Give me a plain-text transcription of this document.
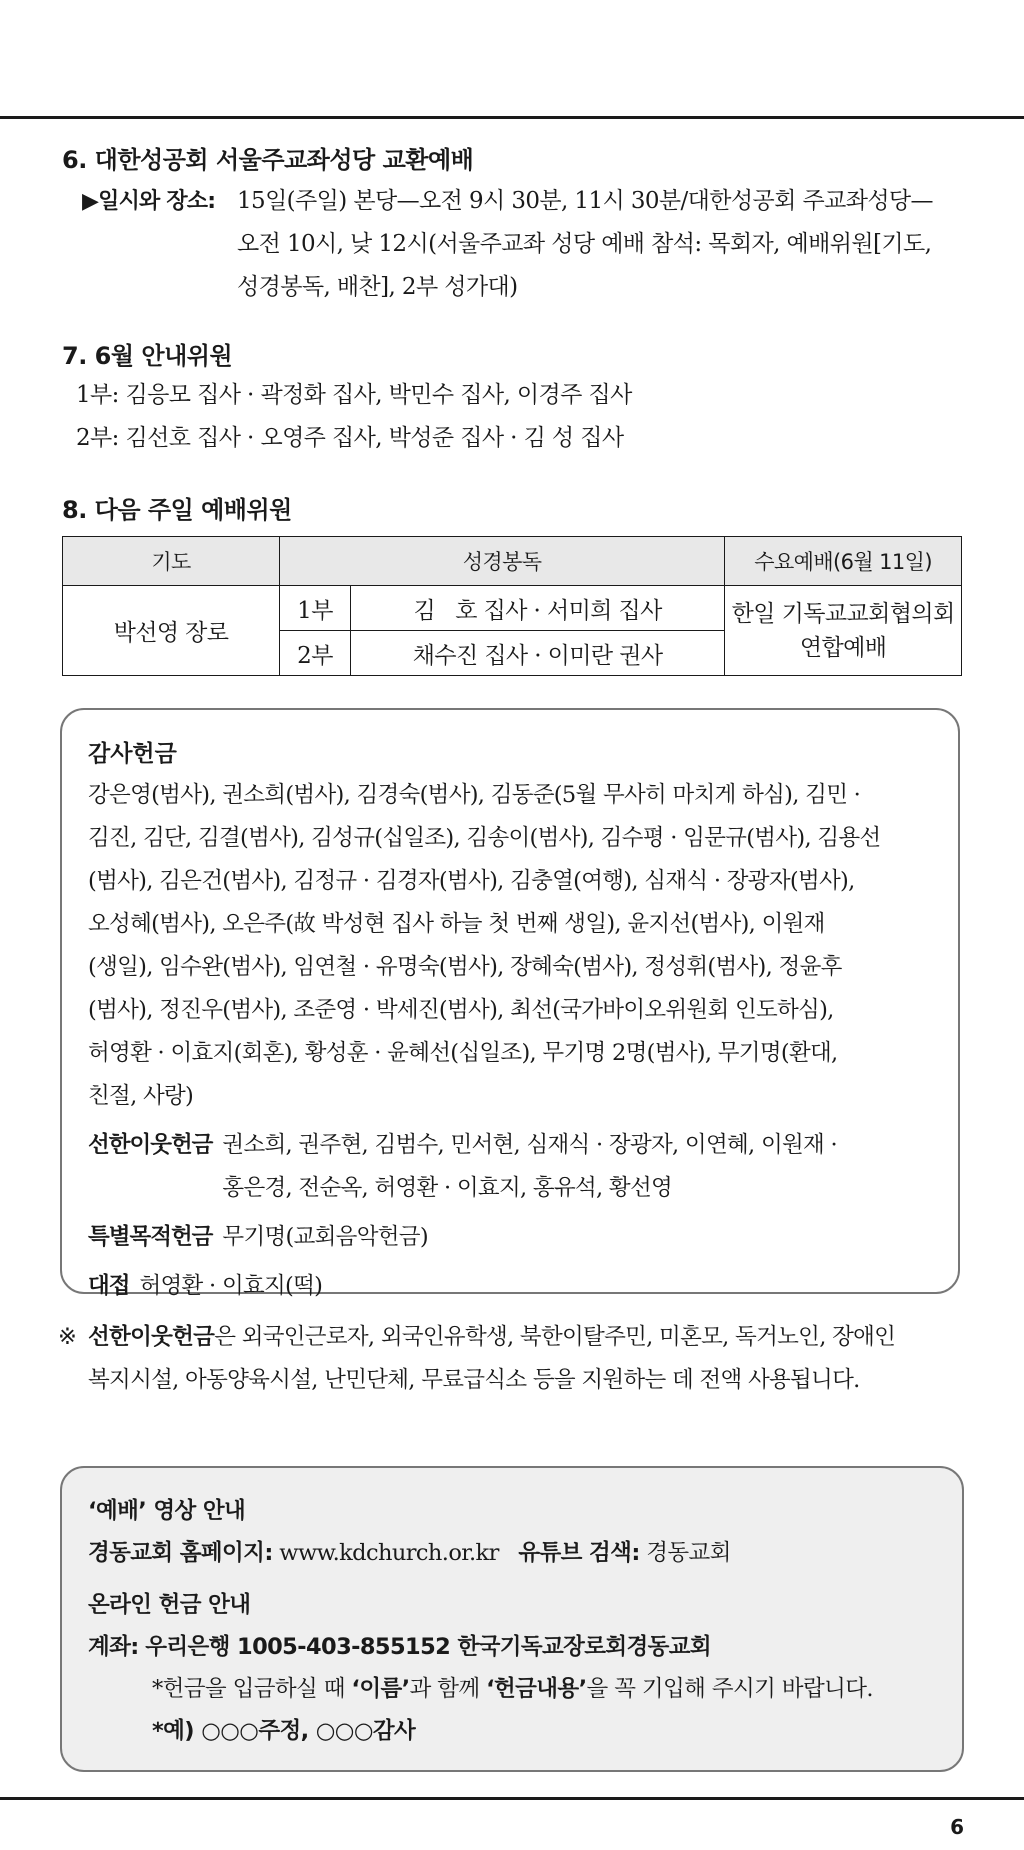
6. 대한성공회 서울주교좌성당 교환예배
▶일시와 장소: 15일(주일) 본당—오전 9시 30분, 11시 30분/대한성공회 주교좌성당—
오전 10시, 낮 12시(서울주교좌 성당 예배 참석: 목회자, 예배위원[기도,
성경봉독, 배찬], 2부 성가대)
7. 6월 안내위원
1부: 김응모 집사 · 곽정화 집사, 박민수 집사, 이경주 집사
2부: 김선호 집사 · 오영주 집사, 박성준 집사 · 김 성 집사
8. 다음 주일 예배위원
기도	성경봉독		수요예배(6월 11일)
박선영 장로	1부	김   호 집사 · 서미희 집사	한일 기독교교회협의회
연합예배

	2부	채수진 집사 · 이미란 권사	
감사헌금
강은영(범사), 권소희(범사), 김경숙(범사), 김동준(5월 무사히 마치게 하심), 김민 ·
김진, 김단, 김결(범사), 김성규(십일조), 김송이(범사), 김수평 · 임문규(범사), 김용선
(범사), 김은건(범사), 김정규 · 김경자(범사), 김충열(여행), 심재식 · 장광자(범사),
오성혜(범사), 오은주(故 박성현 집사 하늘 첫 번째 생일), 윤지선(범사), 이원재
(생일), 임수완(범사), 임연철 · 유명숙(범사), 장혜숙(범사), 정성휘(범사), 정윤후
(범사), 정진우(범사), 조준영 · 박세진(범사), 최선(국가바이오위원회 인도하심),
허영환 · 이효지(회혼), 황성훈 · 윤혜선(십일조), 무기명 2명(범사), 무기명(환대,
친절, 사랑)
선한이웃헌금 권소희, 권주현, 김범수, 민서현, 심재식 · 장광자, 이연혜, 이원재 ·
홍은경, 전순옥, 허영환 · 이효지, 홍유석, 황선영
특별목적헌금 무기명(교회음악헌금)
대접 허영환 · 이효지(떡)
※ 선한이웃헌금은 외국인근로자, 외국인유학생, 북한이탈주민, 미혼모, 독거노인, 장애인
복지시설, 아동양육시설, 난민단체, 무료급식소 등을 지원하는 데 전액 사용됩니다.
‘예배’ 영상 안내
경동교회 홈페이지: www.kdchurch.or.kr 유튜브 검색: 경동교회
온라인 헌금 안내
계좌: 우리은행 1005-403-855152 한국기독교장로회경동교회
*헌금을 입금하실 때 ‘이름’과 함께 ‘헌금내용’을 꼭 기입해 주시기 바랍니다.
*예) ○○○주정, ○○○감사
6
